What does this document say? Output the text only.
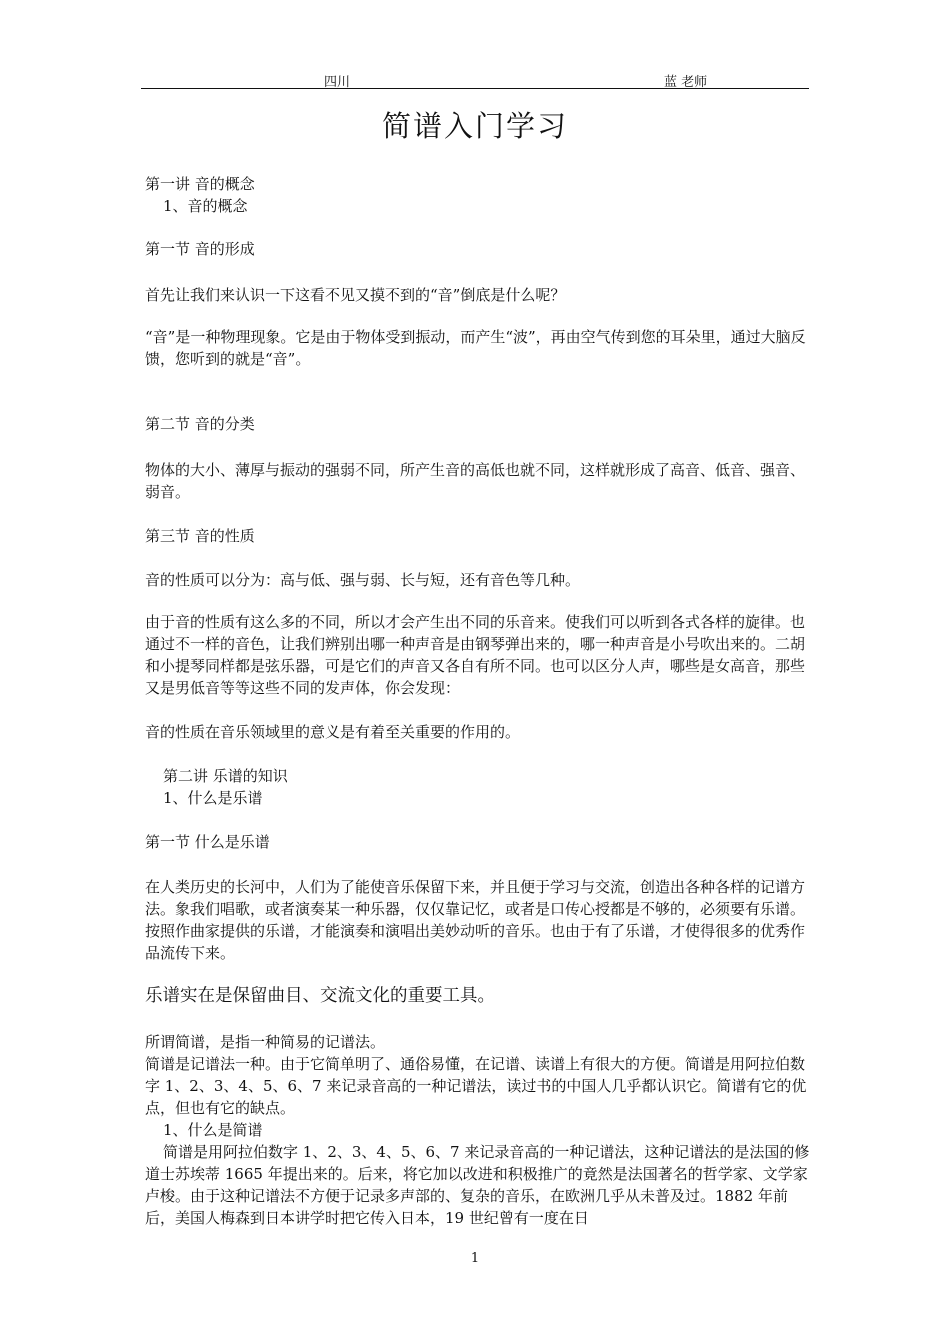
四川	蓝 老师
简谱入门学习

第一讲 音的概念

1、音的概念

第一节 音的形成

首先让我们来认识一下这看不见又摸不到的“音”倒底是什么呢？

“音”是一种物理现象。它是由于物体受到振动，而产生“波”，再由空气传到您的耳朵里，通过大脑反馈，您听到的就是“音”。

第二节 音的分类

物体的大小、薄厚与振动的强弱不同，所产生音的高低也就不同，这样就形成了高音、低音、强音、弱音。

第三节 音的性质

音的性质可以分为：高与低、强与弱、长与短，还有音色等几种。

由于音的性质有这么多的不同，所以才会产生出不同的乐音来。使我们可以听到各式各样的旋律。也通过不一样的音色，让我们辨别出哪一种声音是由钢琴弹出来的，哪一种声音是小号吹出来的。二胡和小提琴同样都是弦乐器，可是它们的声音又各自有所不同。也可以区分人声，哪些是女高音，那些又是男低音等等这些不同的发声体，你会发现：

音的性质在音乐领域里的意义是有着至关重要的作用的。

第二讲 乐谱的知识

1、什么是乐谱

第一节 什么是乐谱

在人类历史的长河中，人们为了能使音乐保留下来，并且便于学习与交流，创造出各种各样的记谱方法。象我们唱歌，或者演奏某一种乐器，仅仅靠记忆，或者是口传心授都是不够的，必须要有乐谱。按照作曲家提供的乐谱，才能演奏和演唱出美妙动听的音乐。也由于有了乐谱，才使得很多的优秀作品流传下来。

乐谱实在是保留曲目、交流文化的重要工具。

所谓简谱，是指一种简易的记谱法。

简谱是记谱法一种。由于它简单明了、通俗易懂，在记谱、读谱上有很大的方便。简谱是用阿拉伯数字 1、2、3、4、5、6、7 来记录音高的一种记谱法，读过书的中国人几乎都认识它。简谱有它的优点，但也有它的缺点。

1、什么是简谱

简谱是用阿拉伯数字 1、2、3、4、5、6、7 来记录音高的一种记谱法，这种记谱法的是法国的修道士苏埃蒂 1665 年提出来的。后来，将它加以改进和积极推广的竟然是法国著名的哲学家、文学家卢梭。由于这种记谱法不方便于记录多声部的、复杂的音乐，在欧洲几乎从未普及过。1882 年前后，美国人梅森到日本讲学时把它传入日本，19 世纪曾有一度在日

1
